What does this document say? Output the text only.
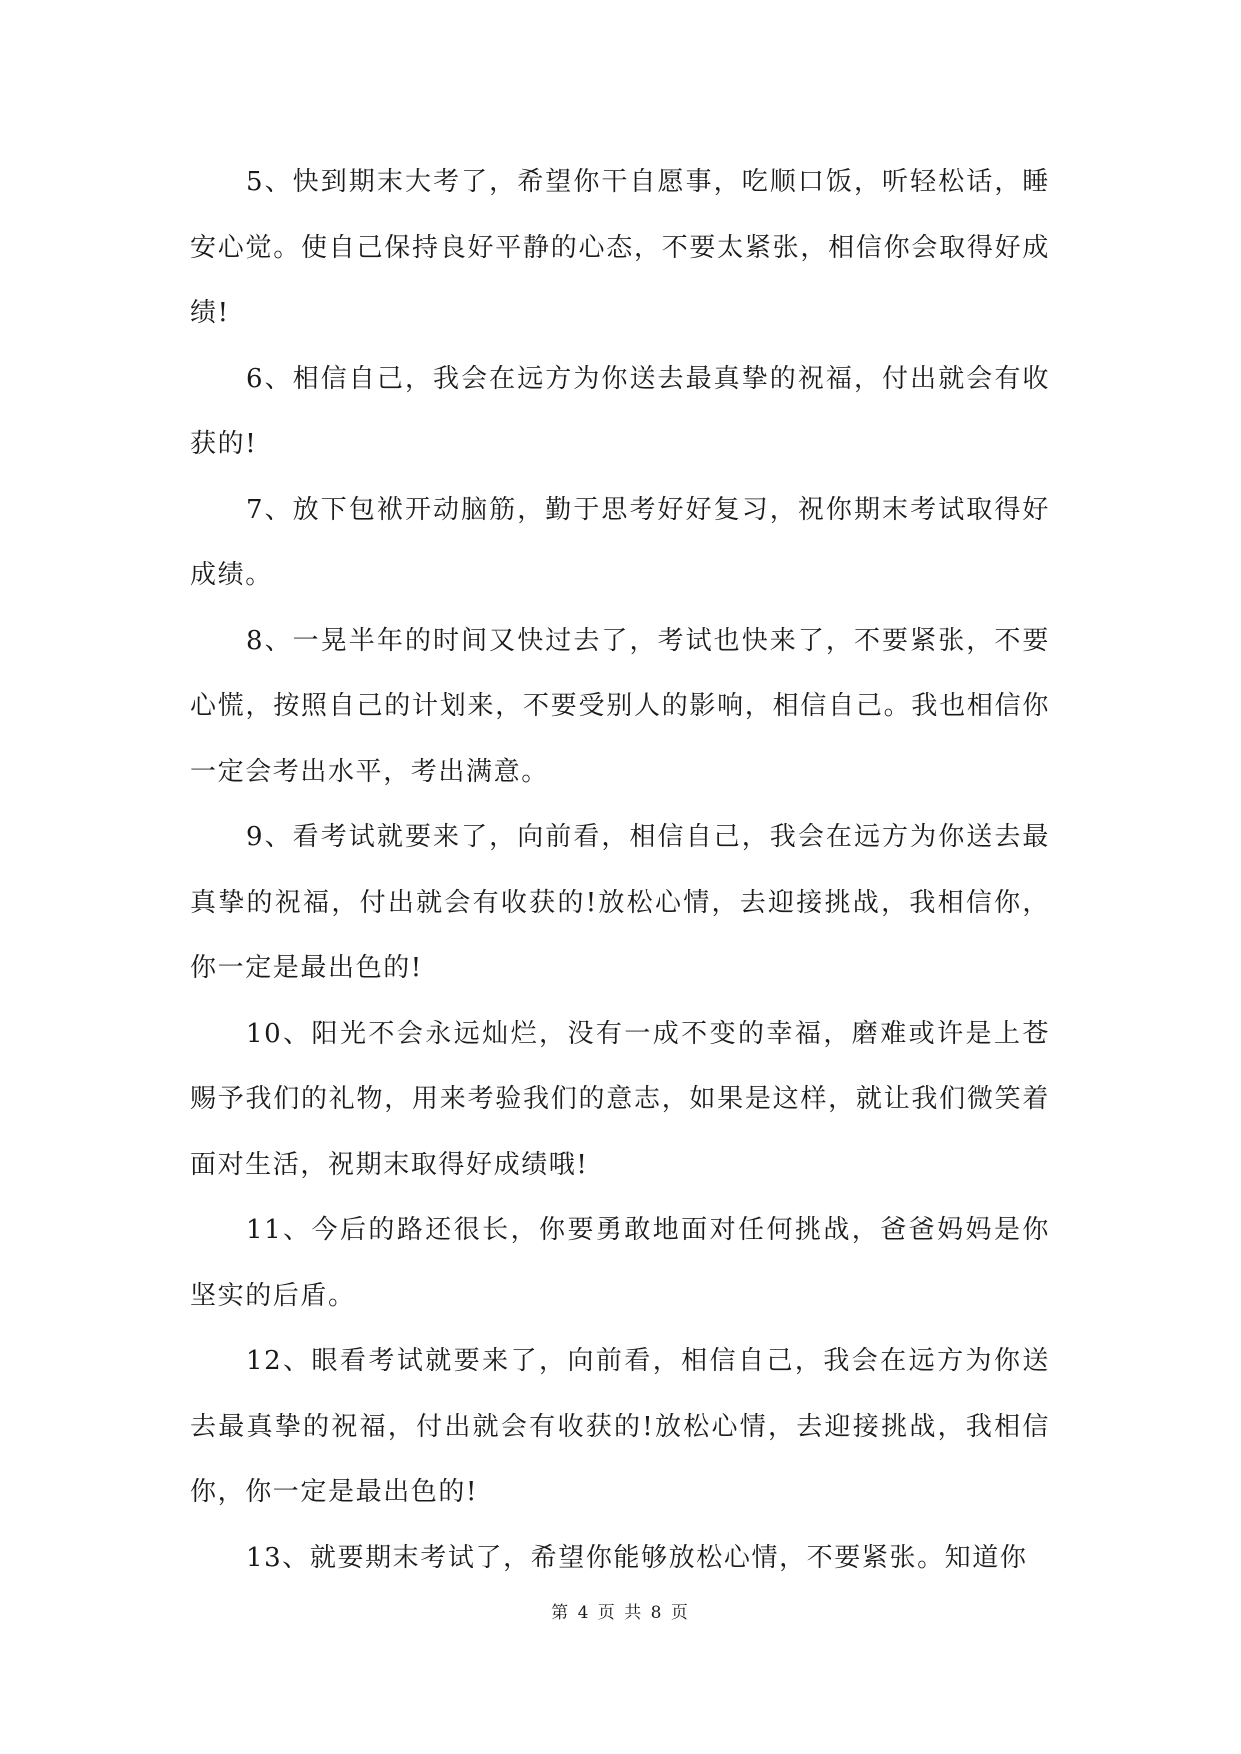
5、快到期末大考了，希望你干自愿事，吃顺口饭，听轻松话，睡安心觉。使自己保持良好平静的心态，不要太紧张，相信你会取得好成绩!

6、相信自己，我会在远方为你送去最真挚的祝福，付出就会有收获的!

7、放下包袱开动脑筋，勤于思考好好复习，祝你期末考试取得好成绩。

8、一晃半年的时间又快过去了，考试也快来了，不要紧张，不要心慌，按照自己的计划来，不要受别人的影响，相信自己。我也相信你一定会考出水平，考出满意。

9、看考试就要来了，向前看，相信自己，我会在远方为你送去最真挚的祝福，付出就会有收获的!放松心情，去迎接挑战，我相信你，你一定是最出色的!

10、阳光不会永远灿烂，没有一成不变的幸福，磨难或许是上苍赐予我们的礼物，用来考验我们的意志，如果是这样，就让我们微笑着面对生活，祝期末取得好成绩哦!

11、今后的路还很长，你要勇敢地面对任何挑战，爸爸妈妈是你坚实的后盾。

12、眼看考试就要来了，向前看，相信自己，我会在远方为你送去最真挚的祝福，付出就会有收获的!放松心情，去迎接挑战，我相信你，你一定是最出色的!

13、就要期末考试了，希望你能够放松心情，不要紧张。知道你

第 4 页 共 8 页
